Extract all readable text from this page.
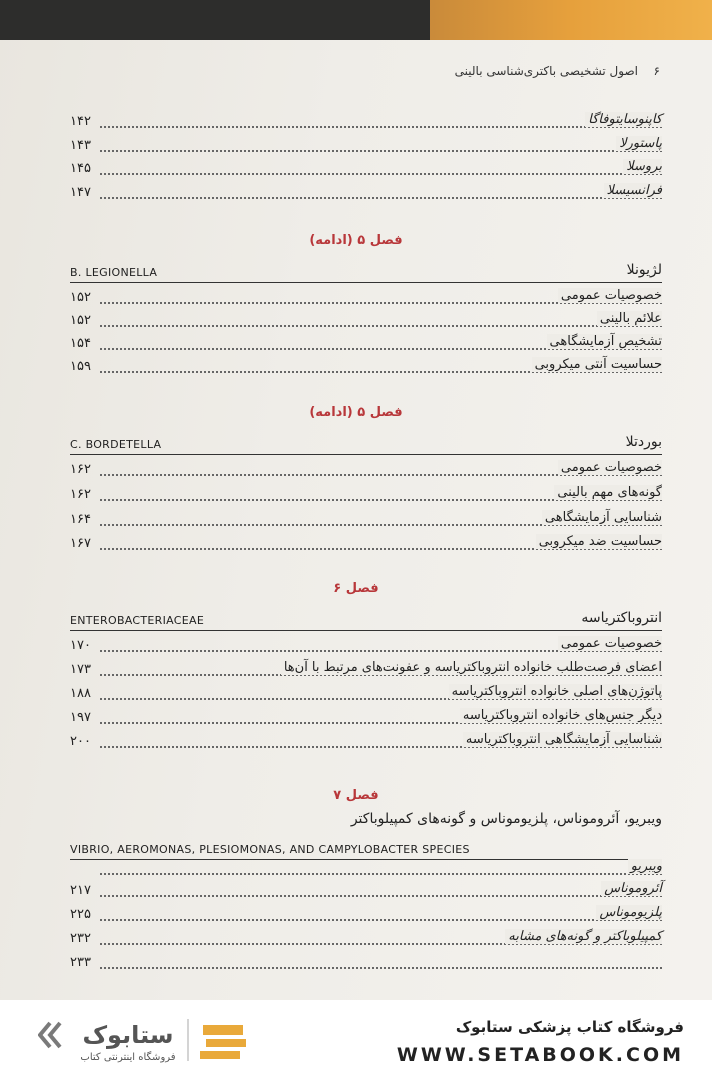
۶
اصول تشخیصی باکتری‌شناسی بالینی
۱۴۲	کاپنوسایتوفاگا
۱۴۳	پاستورلا
۱۴۵	بروسلا
۱۴۷	فرانسیسلا
فصل ۵ (ادامه)
B. LEGIONELLA	لژیونلا
۱۵۲	خصوصیات عمومی
۱۵۲	علائم بالینی
۱۵۴	تشخیص آزمایشگاهی
۱۵۹	حساسیت آنتی میکروبی
فصل ۵ (ادامه)
C. BORDETELLA	بوردتلا
۱۶۲	خصوصیات عمومی
۱۶۲	گونه‌های مهم بالینی
۱۶۴	شناسایی آزمایشگاهی
۱۶۷	حساسیت ضد میکروبی
فصل ۶
ENTEROBACTERIACEAE	انتروباکتریاسه
۱۷۰	خصوصیات عمومی
۱۷۳	اعضای فرصت‌طلب خانواده انتروباکتریاسه و عفونت‌های مرتبط با آن‌ها
۱۸۸	پاتوژن‌های اصلی خانواده انتروباکتریاسه
۱۹۷	دیگر جنس‌های خانواده انتروباکتریاسه
۲۰۰	شناسایی آزمایشگاهی انتروباکتریاسه
فصل ۷
ویبریو، آئروموناس، پلزیوموناس و گونه‌های کمپیلوباکتر
VIBRIO, AEROMONAS, PLESIOMONAS, AND CAMPYLOBACTER SPECIES
ویبریو
۲۱۷	آئروموناس
۲۲۵	پلزیوموناس
۲۳۲	کمپیلوباکتر و گونه‌های مشابه
۲۳۳
ستابوک
فروشگاه اینترنتی کتاب
فروشگاه کتاب پزشکی ستابوک
WWW.SETABOOK.COM
